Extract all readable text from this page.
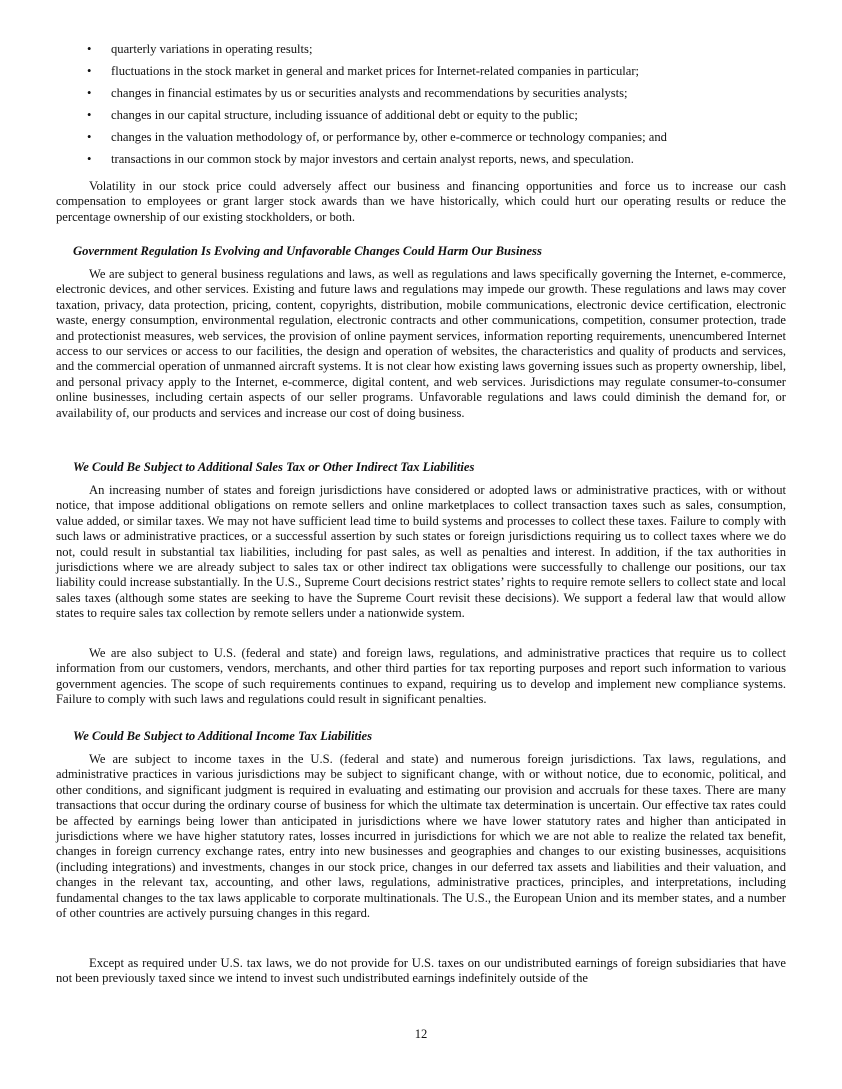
• quarterly variations in operating results;
• fluctuations in the stock market in general and market prices for Internet-related companies in particular;
• changes in financial estimates by us or securities analysts and recommendations by securities analysts;
• changes in our capital structure, including issuance of additional debt or equity to the public;
• changes in the valuation methodology of, or performance by, other e-commerce or technology companies; and
• transactions in our common stock by major investors and certain analyst reports, news, and speculation.

Volatility in our stock price could adversely affect our business and financing opportunities and force us to increase our cash compensation to employees or grant larger stock awards than we have historically, which could hurt our operating results or reduce the percentage ownership of our existing stockholders, or both.

Government Regulation Is Evolving and Unfavorable Changes Could Harm Our Business

We are subject to general business regulations and laws, as well as regulations and laws specifically governing the Internet, e-commerce, electronic devices, and other services. Existing and future laws and regulations may impede our growth. These regulations and laws may cover taxation, privacy, data protection, pricing, content, copyrights, distribution, mobile communications, electronic device certification, electronic waste, energy consumption, environmental regulation, electronic contracts and other communications, competition, consumer protection, trade and protectionist measures, web services, the provision of online payment services, information reporting requirements, unencumbered Internet access to our services or access to our facilities, the design and operation of websites, the characteristics and quality of products and services, and the commercial operation of unmanned aircraft systems. It is not clear how existing laws governing issues such as property ownership, libel, and personal privacy apply to the Internet, e-commerce, digital content, and web services. Jurisdictions may regulate consumer-to-consumer online businesses, including certain aspects of our seller programs. Unfavorable regulations and laws could diminish the demand for, or availability of, our products and services and increase our cost of doing business.

We Could Be Subject to Additional Sales Tax or Other Indirect Tax Liabilities

An increasing number of states and foreign jurisdictions have considered or adopted laws or administrative practices, with or without notice, that impose additional obligations on remote sellers and online marketplaces to collect transaction taxes such as sales, consumption, value added, or similar taxes. We may not have sufficient lead time to build systems and processes to collect these taxes. Failure to comply with such laws or administrative practices, or a successful assertion by such states or foreign jurisdictions requiring us to collect taxes where we do not, could result in substantial tax liabilities, including for past sales, as well as penalties and interest. In addition, if the tax authorities in jurisdictions where we are already subject to sales tax or other indirect tax obligations were successfully to challenge our positions, our tax liability could increase substantially. In the U.S., Supreme Court decisions restrict states’ rights to require remote sellers to collect state and local sales taxes (although some states are seeking to have the Supreme Court revisit these decisions). We support a federal law that would allow states to require sales tax collection by remote sellers under a nationwide system.

We are also subject to U.S. (federal and state) and foreign laws, regulations, and administrative practices that require us to collect information from our customers, vendors, merchants, and other third parties for tax reporting purposes and report such information to various government agencies. The scope of such requirements continues to expand, requiring us to develop and implement new compliance systems. Failure to comply with such laws and regulations could result in significant penalties.

We Could Be Subject to Additional Income Tax Liabilities

We are subject to income taxes in the U.S. (federal and state) and numerous foreign jurisdictions. Tax laws, regulations, and administrative practices in various jurisdictions may be subject to significant change, with or without notice, due to economic, political, and other conditions, and significant judgment is required in evaluating and estimating our provision and accruals for these taxes. There are many transactions that occur during the ordinary course of business for which the ultimate tax determination is uncertain. Our effective tax rates could be affected by earnings being lower than anticipated in jurisdictions where we have lower statutory rates and higher than anticipated in jurisdictions where we have higher statutory rates, losses incurred in jurisdictions for which we are not able to realize the related tax benefit, changes in foreign currency exchange rates, entry into new businesses and geographies and changes to our existing businesses, acquisitions (including integrations) and investments, changes in our stock price, changes in our deferred tax assets and liabilities and their valuation, and changes in the relevant tax, accounting, and other laws, regulations, administrative practices, principles, and interpretations, including fundamental changes to the tax laws applicable to corporate multinationals. The U.S., the European Union and its member states, and a number of other countries are actively pursuing changes in this regard.

Except as required under U.S. tax laws, we do not provide for U.S. taxes on our undistributed earnings of foreign subsidiaries that have not been previously taxed since we intend to invest such undistributed earnings indefinitely outside of the

12
